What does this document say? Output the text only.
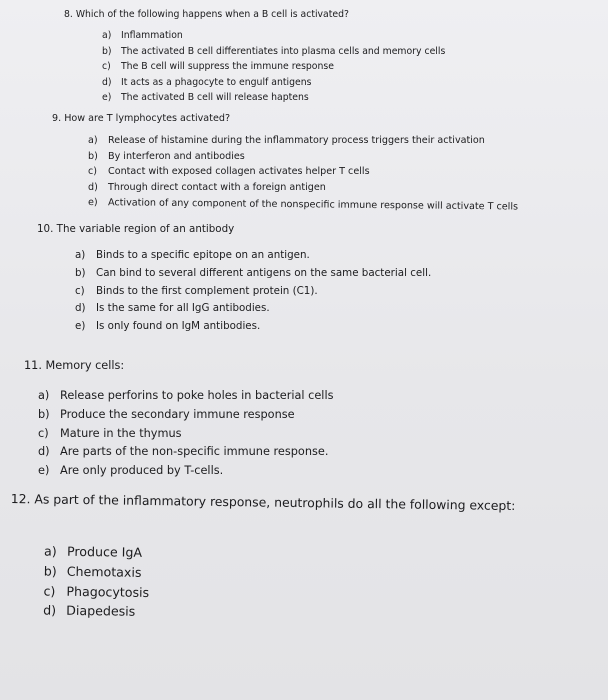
8. Which of the following happens when a B cell is activated?
a) Inflammation
b) The activated B cell differentiates into plasma cells and memory cells
c) The B cell will suppress the immune response
d) It acts as a phagocyte to engulf antigens
e) The activated B cell will release haptens
9. How are T lymphocytes activated?
a) Release of histamine during the inflammatory process triggers their activation
b) By interferon and antibodies
c) Contact with exposed collagen activates helper T cells
d) Through direct contact with a foreign antigen
e) Activation of any component of the nonspecific immune response will activate T cells
10. The variable region of an antibody
a) Binds to a specific epitope on an antigen.
b) Can bind to several different antigens on the same bacterial cell.
c) Binds to the first complement protein (C1).
d) Is the same for all IgG antibodies.
e) Is only found on IgM antibodies.
11. Memory cells:
a) Release perforins to poke holes in bacterial cells
b) Produce the secondary immune response
c) Mature in the thymus
d) Are parts of the non-specific immune response.
e) Are only produced by T-cells.
12. As part of the inflammatory response, neutrophils do all the following except:
a) Produce IgA
b) Chemotaxis
c) Phagocytosis
d) Diapedesis
